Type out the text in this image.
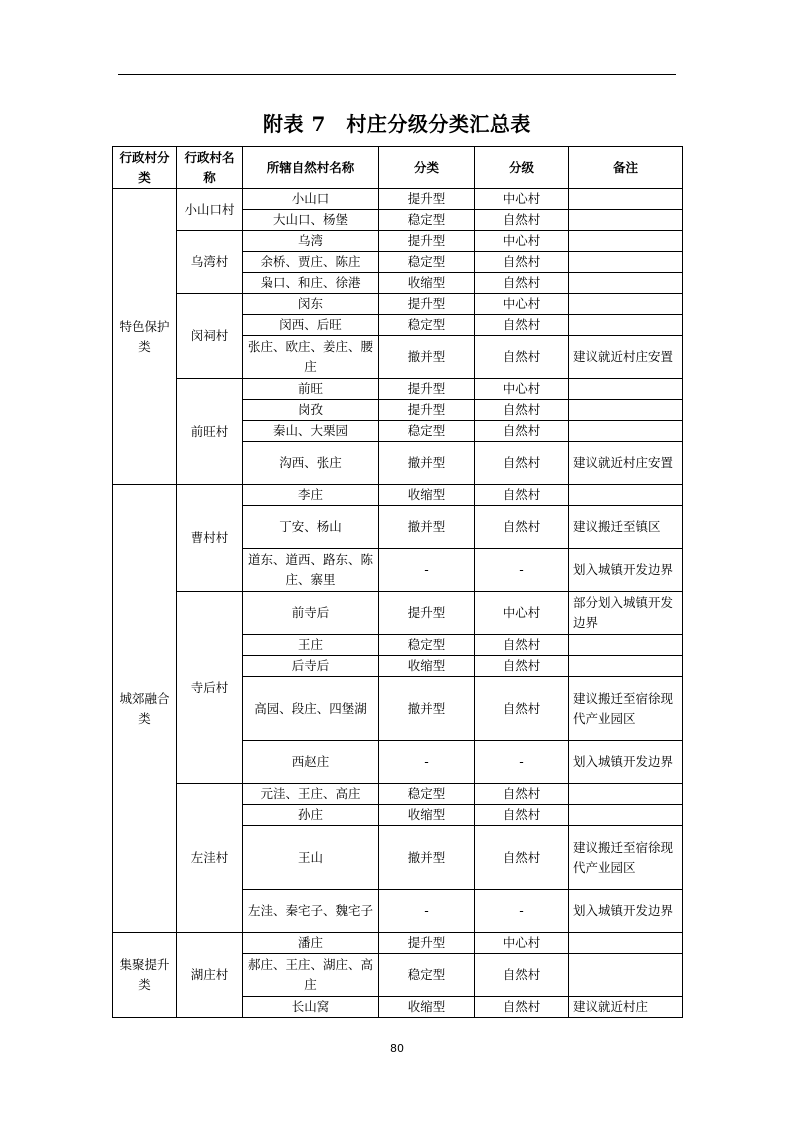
附表 7　村庄分级分类汇总表
行政村分类	行政村名称	所辖自然村名称	分类	分级	备注
特色保护类	小山口村	小山口	提升型	中心村	
		大山口、杨堡	稳定型	自然村	
	乌湾村	乌湾	提升型	中心村	
		余桥、贾庄、陈庄	稳定型	自然村	
		枭口、和庄、徐港	收缩型	自然村	
	闵祠村	闵东	提升型	中心村	
		闵西、后旺	稳定型	自然村	
		张庄、欧庄、姜庄、腰庄	撤并型	自然村	建议就近村庄安置
	前旺村	前旺	提升型	中心村	
		岗孜	提升型	自然村	
		秦山、大栗园	稳定型	自然村	
		沟西、张庄	撤并型	自然村	建议就近村庄安置
城郊融合类	曹村村	李庄	收缩型	自然村	
		丁安、杨山	撤并型	自然村	建议搬迁至镇区
		道东、道西、路东、陈庄、寨里	-	-	划入城镇开发边界
	寺后村	前寺后	提升型	中心村	部分划入城镇开发边界
		王庄	稳定型	自然村	
		后寺后	收缩型	自然村	
		高园、段庄、四堡湖	撤并型	自然村	建议搬迁至宿徐现代产业园区
		西赵庄	-	-	划入城镇开发边界
	左洼村	元洼、王庄、高庄	稳定型	自然村	
		孙庄	收缩型	自然村	
		王山	撤并型	自然村	建议搬迁至宿徐现代产业园区
		左洼、秦宅子、魏宅子	-	-	划入城镇开发边界
集聚提升类	湖庄村	潘庄	提升型	中心村	
		郝庄、王庄、湖庄、高庄	稳定型	自然村	
		长山窝	收缩型	自然村	建议就近村庄
80
